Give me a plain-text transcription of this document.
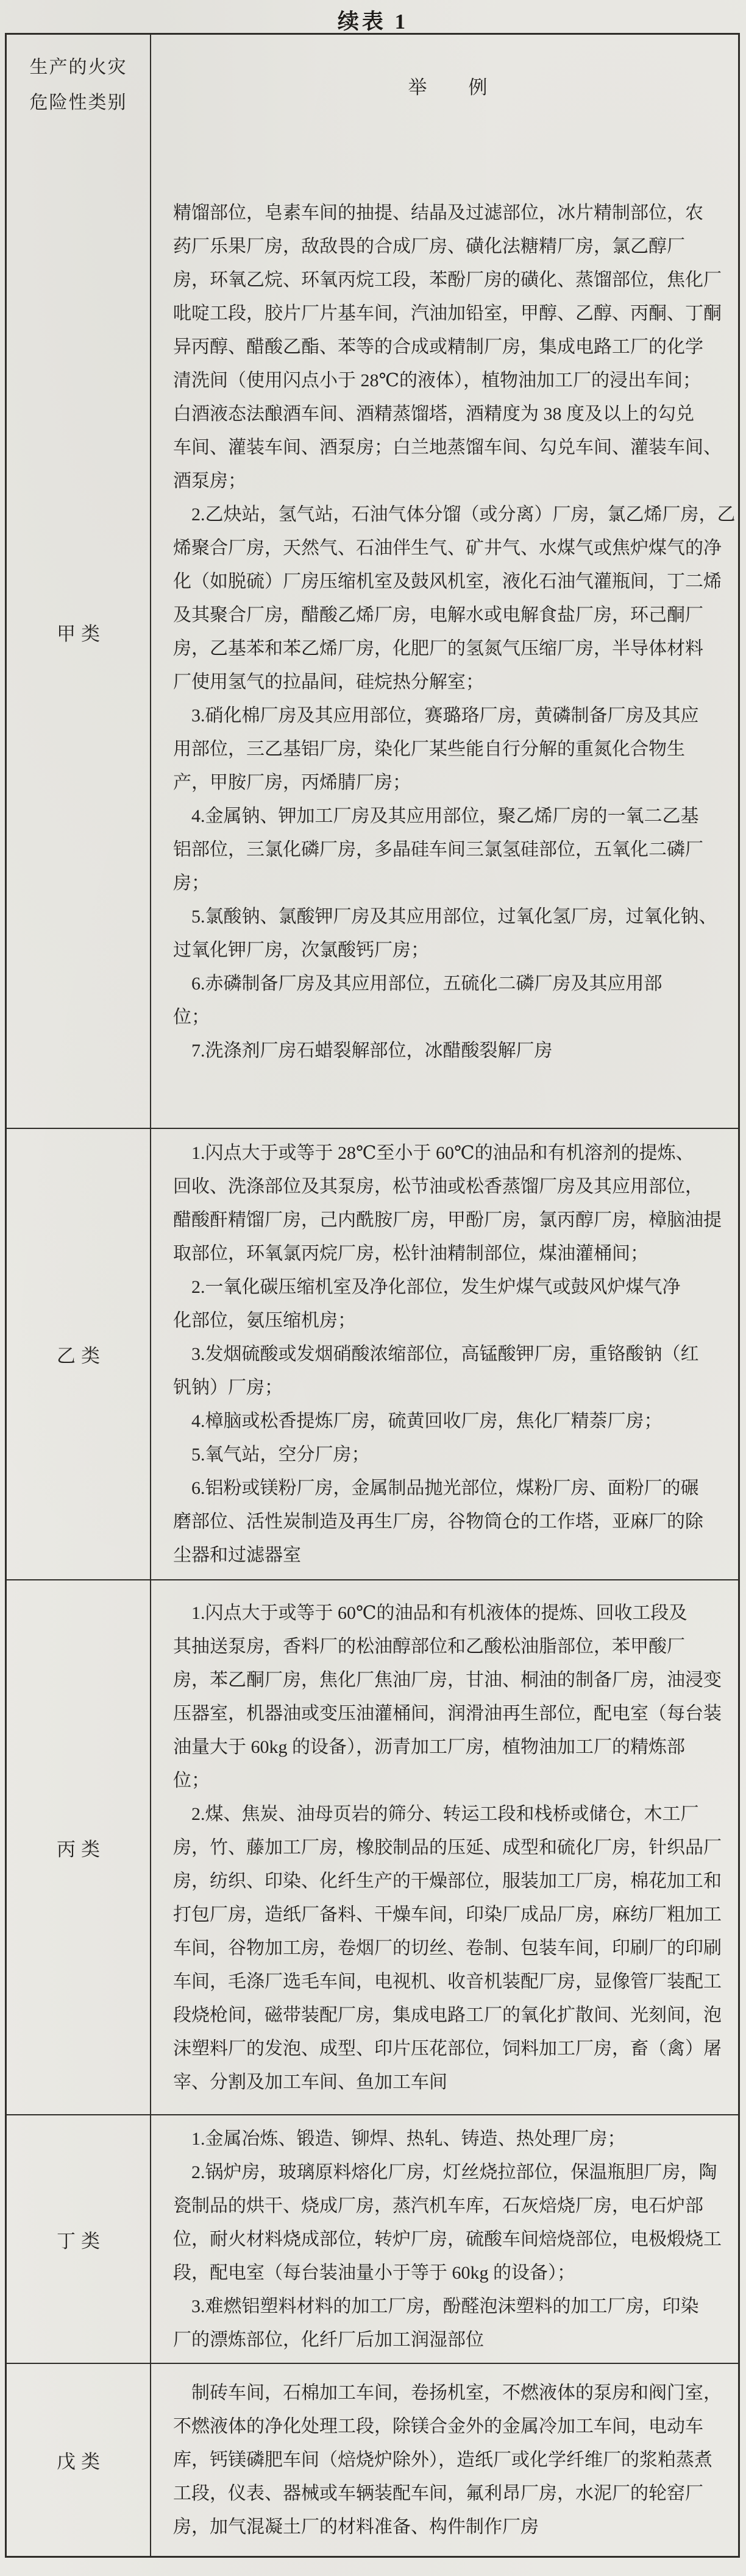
续表 1
生产的火灾
危险性类别
举　　例
甲类
精馏部位，皂素车间的抽提、结晶及过滤部位，冰片精制部位，农
药厂乐果厂房，敌敌畏的合成厂房、磺化法糖精厂房，氯乙醇厂
房，环氧乙烷、环氧丙烷工段，苯酚厂房的磺化、蒸馏部位，焦化厂
吡啶工段，胶片厂片基车间，汽油加铅室，甲醇、乙醇、丙酮、丁酮
异丙醇、醋酸乙酯、苯等的合成或精制厂房，集成电路工厂的化学
清洗间（使用闪点小于 28℃的液体），植物油加工厂的浸出车间；
白酒液态法酿酒车间、酒精蒸馏塔，酒精度为 38 度及以上的勾兑
车间、灌装车间、酒泵房；白兰地蒸馏车间、勾兑车间、灌装车间、
酒泵房；
2.乙炔站，氢气站，石油气体分馏（或分离）厂房，氯乙烯厂房，乙
烯聚合厂房，天然气、石油伴生气、矿井气、水煤气或焦炉煤气的净
化（如脱硫）厂房压缩机室及鼓风机室，液化石油气灌瓶间，丁二烯
及其聚合厂房，醋酸乙烯厂房，电解水或电解食盐厂房，环己酮厂
房，乙基苯和苯乙烯厂房，化肥厂的氢氮气压缩厂房，半导体材料
厂使用氢气的拉晶间，硅烷热分解室；
3.硝化棉厂房及其应用部位，赛璐珞厂房，黄磷制备厂房及其应
用部位，三乙基铝厂房，染化厂某些能自行分解的重氮化合物生
产，甲胺厂房，丙烯腈厂房；
4.金属钠、钾加工厂房及其应用部位，聚乙烯厂房的一氧二乙基
铝部位，三氯化磷厂房，多晶硅车间三氯氢硅部位，五氧化二磷厂
房；
5.氯酸钠、氯酸钾厂房及其应用部位，过氧化氢厂房，过氧化钠、
过氧化钾厂房，次氯酸钙厂房；
6.赤磷制备厂房及其应用部位，五硫化二磷厂房及其应用部
位；
7.洗涤剂厂房石蜡裂解部位，冰醋酸裂解厂房
乙类
1.闪点大于或等于 28℃至小于 60℃的油品和有机溶剂的提炼、
回收、洗涤部位及其泵房，松节油或松香蒸馏厂房及其应用部位，
醋酸酐精馏厂房，己内酰胺厂房，甲酚厂房，氯丙醇厂房，樟脑油提
取部位，环氧氯丙烷厂房，松针油精制部位，煤油灌桶间；
2.一氧化碳压缩机室及净化部位，发生炉煤气或鼓风炉煤气净
化部位，氨压缩机房；
3.发烟硫酸或发烟硝酸浓缩部位，高锰酸钾厂房，重铬酸钠（红
钒钠）厂房；
4.樟脑或松香提炼厂房，硫黄回收厂房，焦化厂精萘厂房；
5.氧气站，空分厂房；
6.铝粉或镁粉厂房，金属制品抛光部位，煤粉厂房、面粉厂的碾
磨部位、活性炭制造及再生厂房，谷物筒仓的工作塔，亚麻厂的除
尘器和过滤器室
丙类
1.闪点大于或等于 60℃的油品和有机液体的提炼、回收工段及
其抽送泵房，香料厂的松油醇部位和乙酸松油脂部位，苯甲酸厂
房，苯乙酮厂房，焦化厂焦油厂房，甘油、桐油的制备厂房，油浸变
压器室，机器油或变压油灌桶间，润滑油再生部位，配电室（每台装
油量大于 60kg 的设备），沥青加工厂房，植物油加工厂的精炼部
位；
2.煤、焦炭、油母页岩的筛分、转运工段和栈桥或储仓，木工厂
房，竹、藤加工厂房，橡胶制品的压延、成型和硫化厂房，针织品厂
房，纺织、印染、化纤生产的干燥部位，服装加工厂房，棉花加工和
打包厂房，造纸厂备料、干燥车间，印染厂成品厂房，麻纺厂粗加工
车间，谷物加工房，卷烟厂的切丝、卷制、包装车间，印刷厂的印刷
车间，毛涤厂选毛车间，电视机、收音机装配厂房，显像管厂装配工
段烧枪间，磁带装配厂房，集成电路工厂的氧化扩散间、光刻间，泡
沫塑料厂的发泡、成型、印片压花部位，饲料加工厂房，畜（禽）屠
宰、分割及加工车间、鱼加工车间
丁类
1.金属冶炼、锻造、铆焊、热轧、铸造、热处理厂房；
2.锅炉房，玻璃原料熔化厂房，灯丝烧拉部位，保温瓶胆厂房，陶
瓷制品的烘干、烧成厂房，蒸汽机车库，石灰焙烧厂房，电石炉部
位，耐火材料烧成部位，转炉厂房，硫酸车间焙烧部位，电极煅烧工
段，配电室（每台装油量小于等于 60kg 的设备）；
3.难燃铝塑料材料的加工厂房，酚醛泡沫塑料的加工厂房，印染
厂的漂炼部位，化纤厂后加工润湿部位
戊类
制砖车间，石棉加工车间，卷扬机室，不燃液体的泵房和阀门室，
不燃液体的净化处理工段，除镁合金外的金属冷加工车间，电动车
库，钙镁磷肥车间（焙烧炉除外），造纸厂或化学纤维厂的浆粕蒸煮
工段，仪表、器械或车辆装配车间，氟利昂厂房，水泥厂的轮窑厂
房，加气混凝土厂的材料准备、构件制作厂房
